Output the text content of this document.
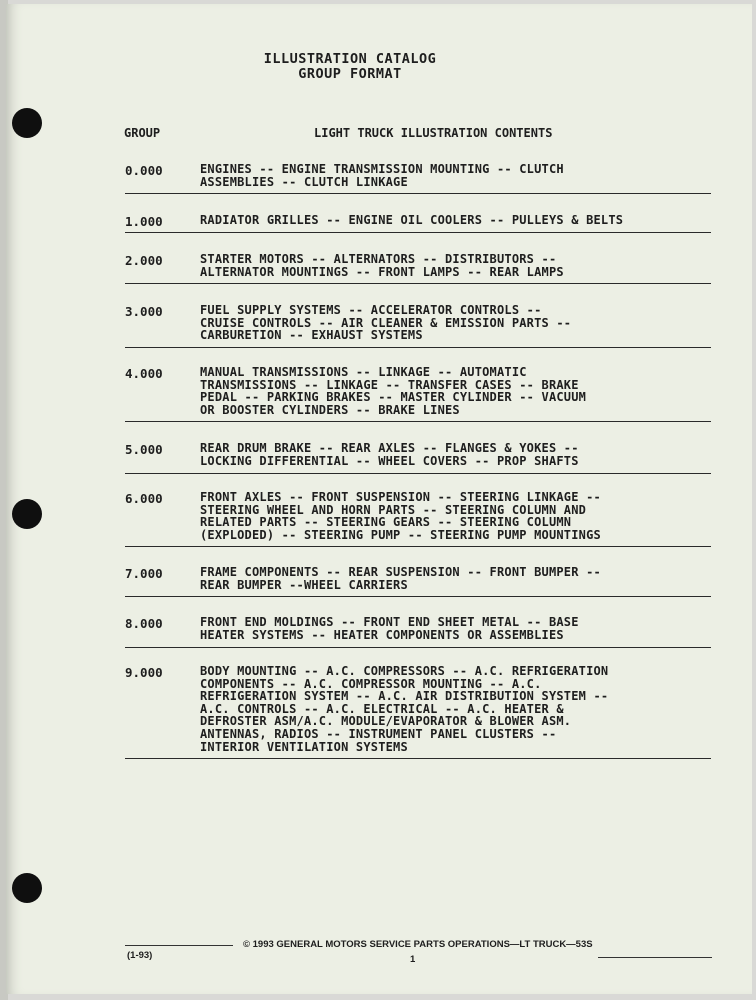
ILLUSTRATION CATALOG
GROUP FORMAT
GROUP	LIGHT TRUCK ILLUSTRATION CONTENTS
0.000	ENGINES -- ENGINE TRANSMISSION MOUNTING -- CLUTCH
ASSEMBLIES -- CLUTCH LINKAGE
1.000	RADIATOR GRILLES -- ENGINE OIL COOLERS -- PULLEYS & BELTS
2.000	STARTER MOTORS -- ALTERNATORS -- DISTRIBUTORS --
ALTERNATOR MOUNTINGS -- FRONT LAMPS -- REAR LAMPS
3.000	FUEL SUPPLY SYSTEMS -- ACCELERATOR CONTROLS --
CRUISE CONTROLS -- AIR CLEANER & EMISSION PARTS --
CARBURETION -- EXHAUST SYSTEMS
4.000	MANUAL TRANSMISSIONS -- LINKAGE -- AUTOMATIC
TRANSMISSIONS -- LINKAGE -- TRANSFER CASES -- BRAKE
PEDAL -- PARKING BRAKES -- MASTER CYLINDER -- VACUUM
OR BOOSTER CYLINDERS -- BRAKE LINES
5.000	REAR DRUM BRAKE -- REAR AXLES -- FLANGES & YOKES --
LOCKING DIFFERENTIAL -- WHEEL COVERS -- PROP SHAFTS
6.000	FRONT AXLES -- FRONT SUSPENSION -- STEERING LINKAGE --
STEERING WHEEL AND HORN PARTS -- STEERING COLUMN AND
RELATED PARTS -- STEERING GEARS -- STEERING COLUMN
(EXPLODED) -- STEERING PUMP -- STEERING PUMP MOUNTINGS
7.000	FRAME COMPONENTS -- REAR SUSPENSION -- FRONT BUMPER --
REAR BUMPER --WHEEL CARRIERS
8.000	FRONT END MOLDINGS -- FRONT END SHEET METAL -- BASE
HEATER SYSTEMS -- HEATER COMPONENTS OR ASSEMBLIES
9.000	BODY MOUNTING -- A.C. COMPRESSORS -- A.C. REFRIGERATION
COMPONENTS -- A.C. COMPRESSOR MOUNTING -- A.C.
REFRIGERATION SYSTEM -- A.C. AIR DISTRIBUTION SYSTEM --
A.C. CONTROLS -- A.C. ELECTRICAL -- A.C. HEATER &
DEFROSTER ASM/A.C. MODULE/EVAPORATOR & BLOWER ASM.
ANTENNAS, RADIOS -- INSTRUMENT PANEL CLUSTERS --
INTERIOR VENTILATION SYSTEMS
(1-93)
© 1993 GENERAL MOTORS SERVICE PARTS OPERATIONS—LT TRUCK—53S
1
